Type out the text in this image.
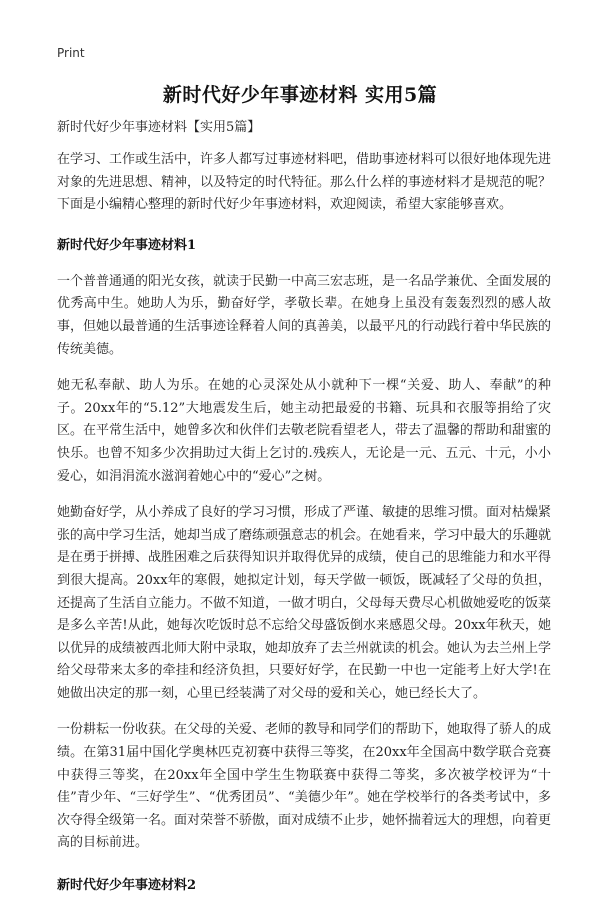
Print
新时代好少年事迹材料 实用5篇
新时代好少年事迹材料【实用5篇】

在学习、工作或生活中，许多人都写过事迹材料吧，借助事迹材料可以很好地体现先进对象的先进思想、精神，以及特定的时代特征。那么什么样的事迹材料才是规范的呢？下面是小编精心整理的新时代好少年事迹材料，欢迎阅读，希望大家能够喜欢。

新时代好少年事迹材料1

一个普普通通的阳光女孩，就读于民勤一中高三宏志班，是一名品学兼优、全面发展的优秀高中生。她助人为乐，勤奋好学，孝敬长辈。在她身上虽没有轰轰烈烈的感人故事，但她以最普通的生活事迹诠释着人间的真善美，以最平凡的行动践行着中华民族的传统美德。

她无私奉献、助人为乐。在她的心灵深处从小就种下一棵“关爱、助人、奉献”的种子。20xx年的“5.12”大地震发生后，她主动把最爱的书籍、玩具和衣服等捐给了灾区。在平常生活中，她曾多次和伙伴们去敬老院看望老人，带去了温馨的帮助和甜蜜的快乐。也曾不知多少次捐助过大街上乞讨的.残疾人，无论是一元、五元、十元，小小爱心，如涓涓流水滋润着她心中的“爱心”之树。

她勤奋好学，从小养成了良好的学习习惯，形成了严谨、敏捷的思维习惯。面对枯燥紧张的高中学习生活，她却当成了磨练顽强意志的机会。在她看来，学习中最大的乐趣就是在勇于拼搏、战胜困难之后获得知识并取得优异的成绩，使自己的思维能力和水平得到很大提高。20xx年的寒假，她拟定计划，每天学做一顿饭，既减轻了父母的负担，还提高了生活自立能力。不做不知道，一做才明白，父母每天费尽心机做她爱吃的饭菜是多么辛苦!从此，她每次吃饭时总不忘给父母盛饭倒水来感恩父母。20xx年秋天，她以优异的成绩被西北师大附中录取，她却放弃了去兰州就读的机会。她认为去兰州上学给父母带来太多的牵挂和经济负担，只要好好学，在民勤一中也一定能考上好大学!在她做出决定的那一刻，心里已经装满了对父母的爱和关心，她已经长大了。

一份耕耘一份收获。在父母的关爱、老师的教导和同学们的帮助下，她取得了骄人的成绩。在第31届中国化学奥林匹克初赛中获得三等奖，在20xx年全国高中数学联合竞赛中获得三等奖，在20xx年全国中学生生物联赛中获得二等奖，多次被学校评为“十佳”青少年、“三好学生”、“优秀团员”、“美德少年”。她在学校举行的各类考试中，多次夺得全级第一名。面对荣誉不骄傲，面对成绩不止步，她怀揣着远大的理想，向着更高的目标前进。

新时代好少年事迹材料2
